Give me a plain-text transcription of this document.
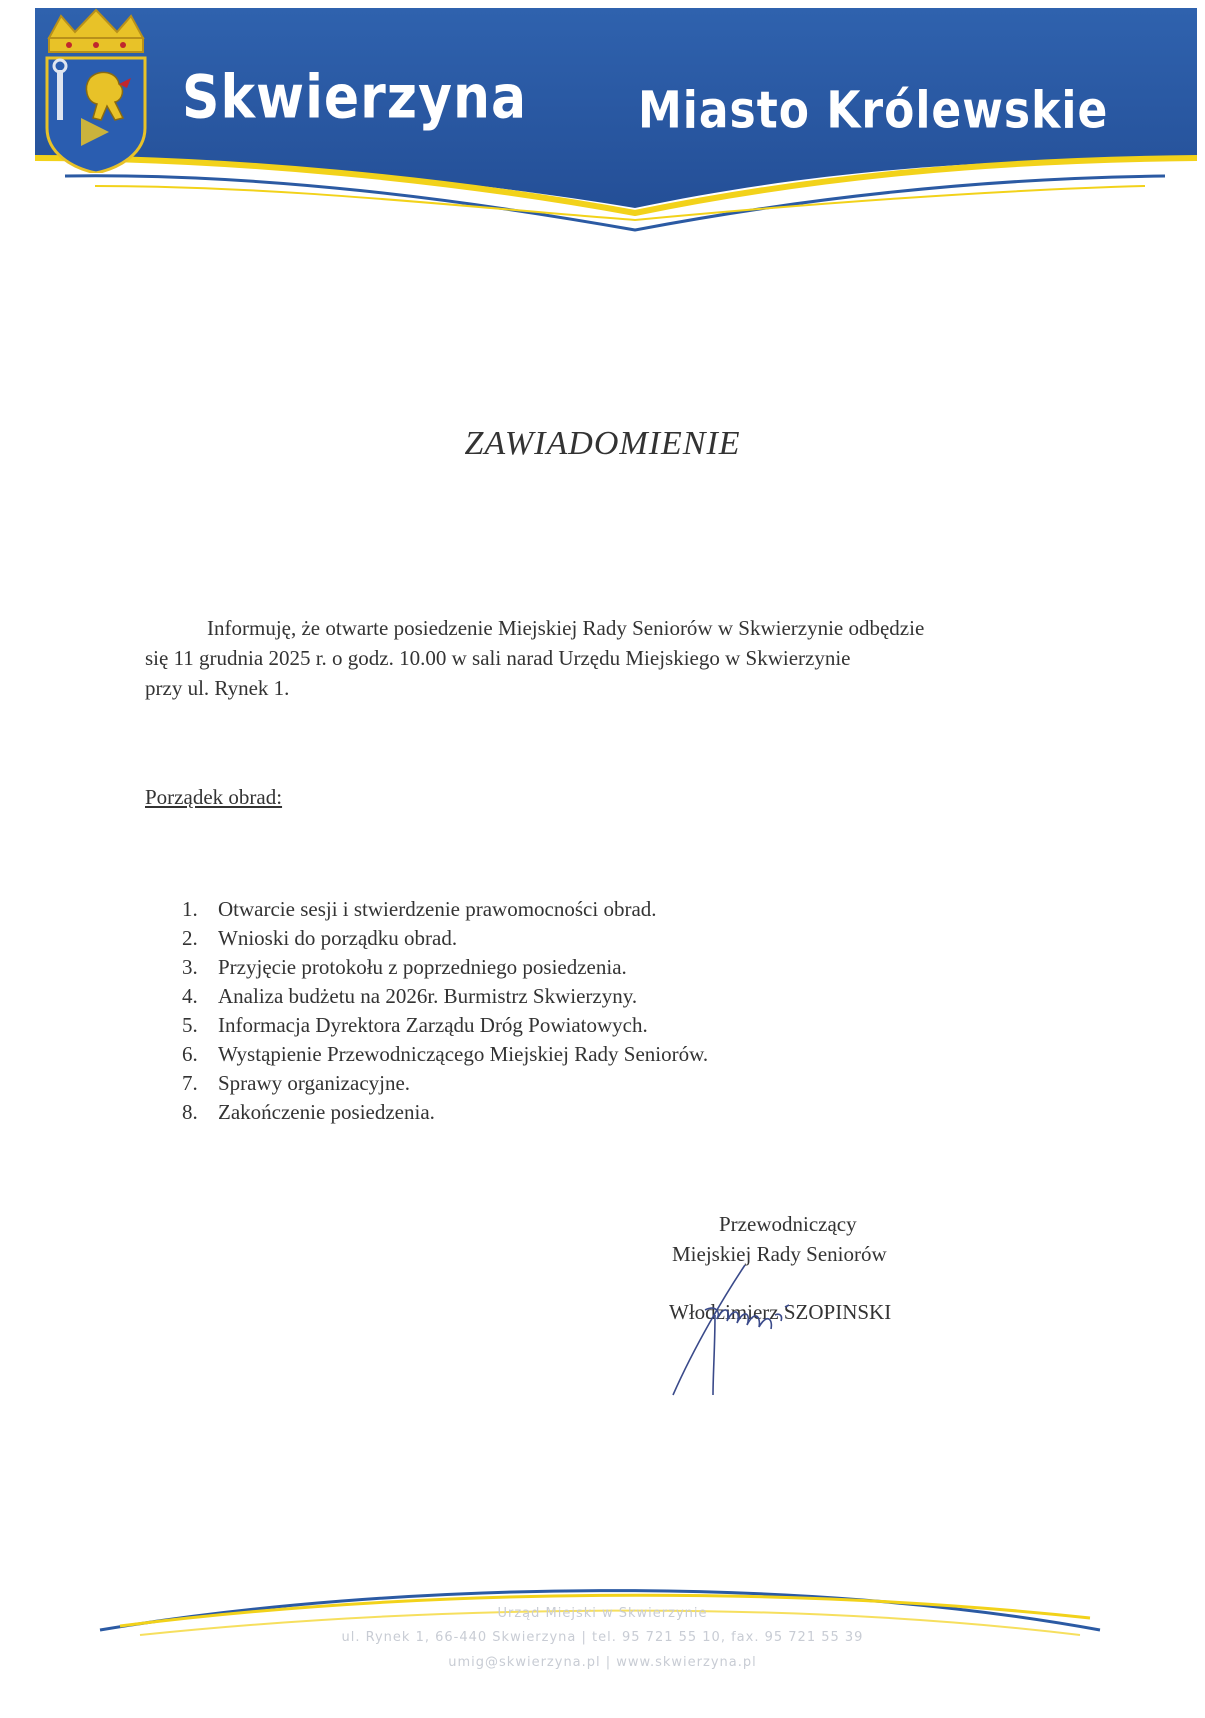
Skwierzyna	Miasto Królewskie
ZAWIADOMIENIE
Informuję, że otwarte posiedzenie Miejskiej Rady Seniorów w Skwierzynie odbędzie
się 11 grudnia 2025 r. o godz. 10.00 w sali narad Urzędu Miejskiego w Skwierzynie
przy ul. Rynek 1.
Porządek obrad:
1. Otwarcie sesji i stwierdzenie prawomocności obrad.
2. Wnioski do porządku obrad.
3. Przyjęcie protokołu z poprzedniego posiedzenia.
4. Analiza budżetu na 2026r. Burmistrz Skwierzyny.
5. Informacja Dyrektora Zarządu Dróg Powiatowych.
6. Wystąpienie Przewodniczącego Miejskiej Rady Seniorów.
7. Sprawy organizacyjne.
8. Zakończenie posiedzenia.
Przewodniczący
Miejskiej Rady Seniorów
Włodzimierz SZOPINSKI
Urząd Miejski w Skwierzynie
ul. Rynek 1, 66-440 Skwierzyna | tel. 95 721 55 10, fax. 95 721 55 39
umig@skwierzyna.pl | www.skwierzyna.pl
